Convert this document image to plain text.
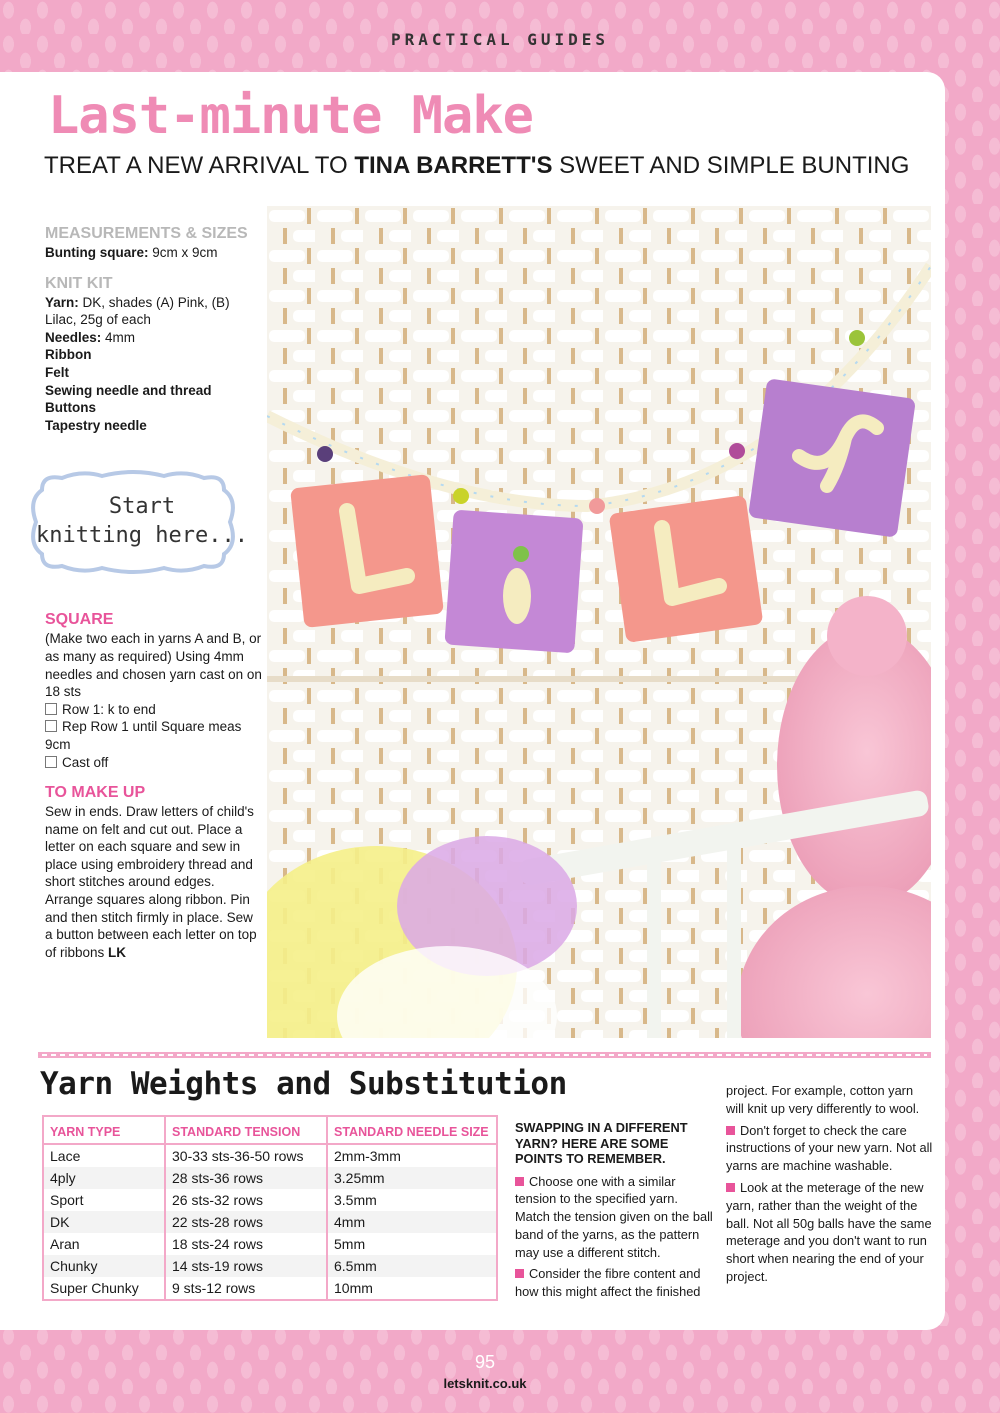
PRACTICAL GUIDES
Last-minute Make
TREAT A NEW ARRIVAL TO TINA BARRETT'S SWEET AND SIMPLE BUNTING

MEASUREMENTS & SIZES

Bunting square: 9cm x 9cm

KNIT KIT

Yarn: DK, shades (A) Pink, (B) Lilac, 25g of each

Needles: 4mm

Ribbon

Felt

Sewing needle and thread

Buttons

Tapestry needle

SQUARE

(Make two each in yarns A and B, or as many as required) Using 4mm needles and chosen yarn cast on on 18 sts

Row 1: k to end

Rep Row 1 until Square meas 9cm

Cast off

TO MAKE UP

Sew in ends. Draw letters of child's name on felt and cut out. Place a letter on each square and sew in place using embroidery thread and short stitches around edges. Arrange squares along ribbon. Pin and then stitch firmly in place. Sew a button between each letter on top of ribbons LK

Start
knitting here...
Yarn Weights and Substitution
YARN TYPE	STANDARD TENSION	STANDARD NEEDLE SIZE
Lace	30-33 sts-36-50 rows	2mm-3mm
4ply	28 sts-36 rows	3.25mm
Sport	26 sts-32 rows	3.5mm
DK	22 sts-28 rows	4mm
Aran	18 sts-24 rows	5mm
Chunky	14 sts-19 rows	6.5mm
Super Chunky	9 sts-12 rows	10mm

SWAPPING IN A DIFFERENT YARN? HERE ARE SOME POINTS TO REMEMBER.

Choose one with a similar tension to the specified yarn. Match the tension given on the ball band of the yarns, as the pattern may use a different stitch.

Consider the fibre content and how this might affect the finished

project. For example, cotton yarn will knit up very differently to wool.

Don't forget to check the care instructions of your new yarn. Not all yarns are machine washable.

Look at the meterage of the new yarn, rather than the weight of the ball. Not all 50g balls have the same meterage and you don't want to run short when nearing the end of your project.

95
letsknit.co.uk
